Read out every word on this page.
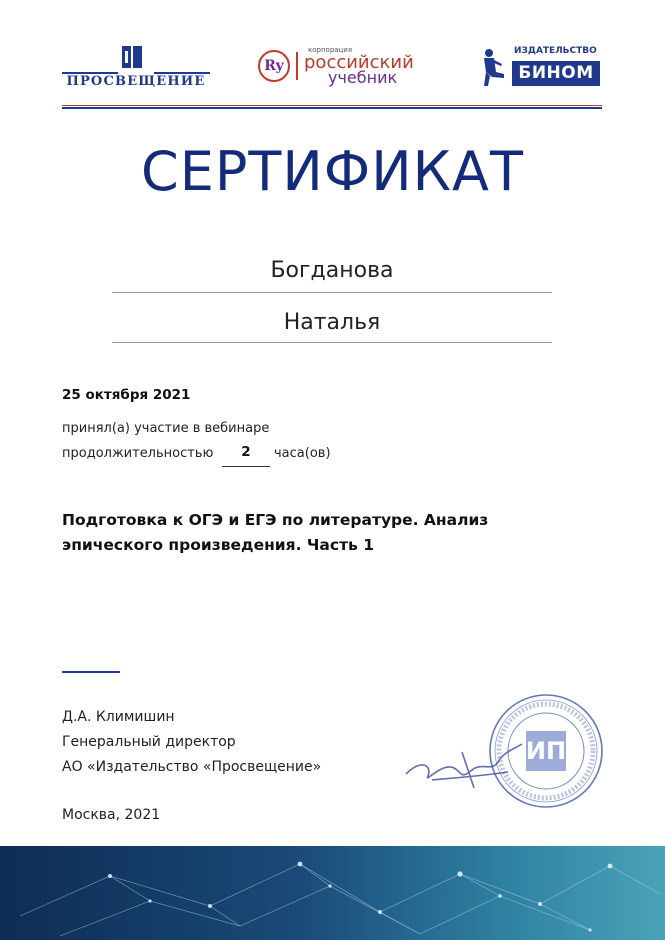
ПРОСВЕЩЕНИЕ
Ry
корпорация
российский
учебник
ИЗДАТЕЛЬСТВО
БИНОМ
СЕРТИФИКАТ
Богданова
Наталья
25 октября 2021
принял(а) участие в вебинаре
продолжительностью	2	часа(ов)
Подготовка к ОГЭ и ЕГЭ по литературе. Анализ
эпического произведения. Часть 1
Д.А. Климишин
Генеральный директор
АО «Издательство «Просвещение»
Москва, 2021
ИП
